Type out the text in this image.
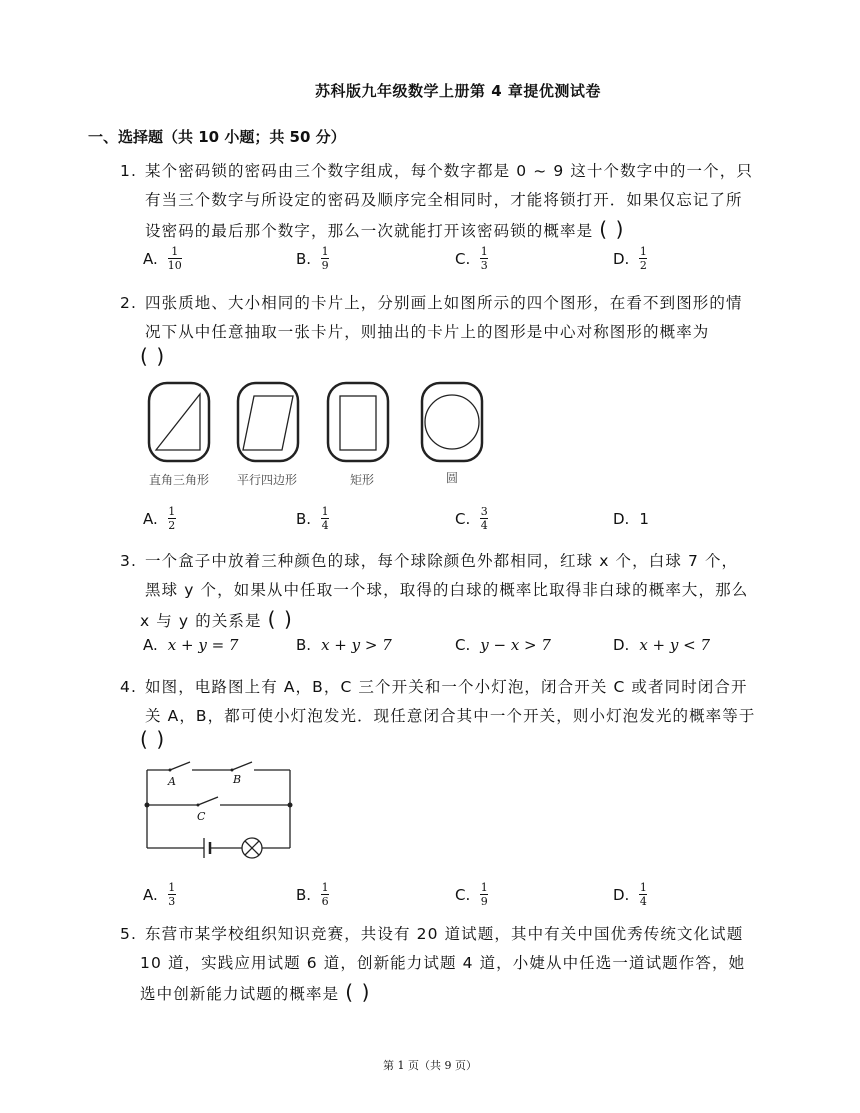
苏科版九年级数学上册第 4 章提优测试卷
一、选择题（共 10 小题；共 50 分）
1. 某个密码锁的密码由三个数字组成，每个数字都是 0 ~ 9 这十个数字中的一个，只
有当三个数字与所设定的密码及顺序完全相同时，才能将锁打开．如果仅忘记了所
设密码的最后那个数字，那么一次就能打开该密码锁的概率是 ( )
A. $\frac{1}{10}$	B. $\frac{1}{9}$	C. $\frac{1}{3}$	D. $\frac{1}{2}$
2. 四张质地、大小相同的卡片上，分别画上如图所示的四个图形，在看不到图形的情
况下从中任意抽取一张卡片，则抽出的卡片上的图形是中心对称图形的概率为
( )
直角三角形 平行四边形	矩形	圆
A. $\frac{1}{2}$	B. $\frac{1}{4}$	C. $\frac{3}{4}$	D. 1
3. 一个盒子中放着三种颜色的球，每个球除颜色外都相同，红球 x 个，白球 7 个，
黑球 y 个，如果从中任取一个球，取得的白球的概率比取得非白球的概率大，那么
x 与 y 的关系是 ( )
A. x + y = 7	B. x + y > 7	C. y − x > 7	D. x + y < 7
4. 如图，电路图上有 A，B，C 三个开关和一个小灯泡，闭合开关 C 或者同时闭合开
关 A，B，都可使小灯泡发光．现任意闭合其中一个开关，则小灯泡发光的概率等于
( )
A	B
C
A. $\frac{1}{3}$	B. $\frac{1}{6}$	C. $\frac{1}{9}$	D. $\frac{1}{4}$
5. 东营市某学校组织知识竞赛，共设有 20 道试题，其中有关中国优秀传统文化试题
10 道，实践应用试题 6 道，创新能力试题 4 道，小婕从中任选一道试题作答，她
选中创新能力试题的概率是 ( )
第 1 页（共 9 页）
